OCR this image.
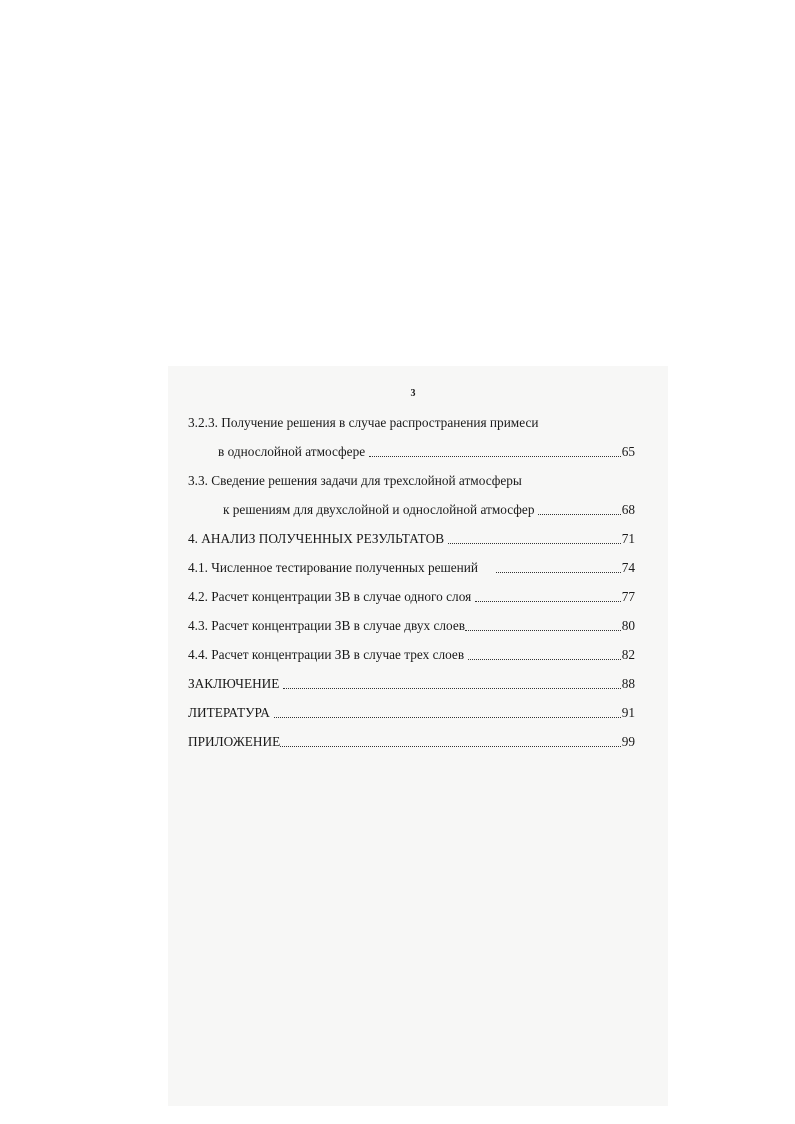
3
3.2.3. Получение решения в случае распространения примеси
в однослойной атмосфере	65
3.3. Сведение решения задачи для трехслойной атмосферы
к решениям для двухслойной и однослойной атмосфер	68
4. АНАЛИЗ ПОЛУЧЕННЫХ РЕЗУЛЬТАТОВ	71
4.1. Численное тестирование полученных решений	74
4.2. Расчет концентрации ЗВ в случае одного слоя	77
4.3. Расчет концентрации ЗВ в случае двух слоев	80
4.4. Расчет концентрации ЗВ в случае трех слоев	82
ЗАКЛЮЧЕНИЕ	88
ЛИТЕРАТУРА	91
ПРИЛОЖЕНИЕ	99
